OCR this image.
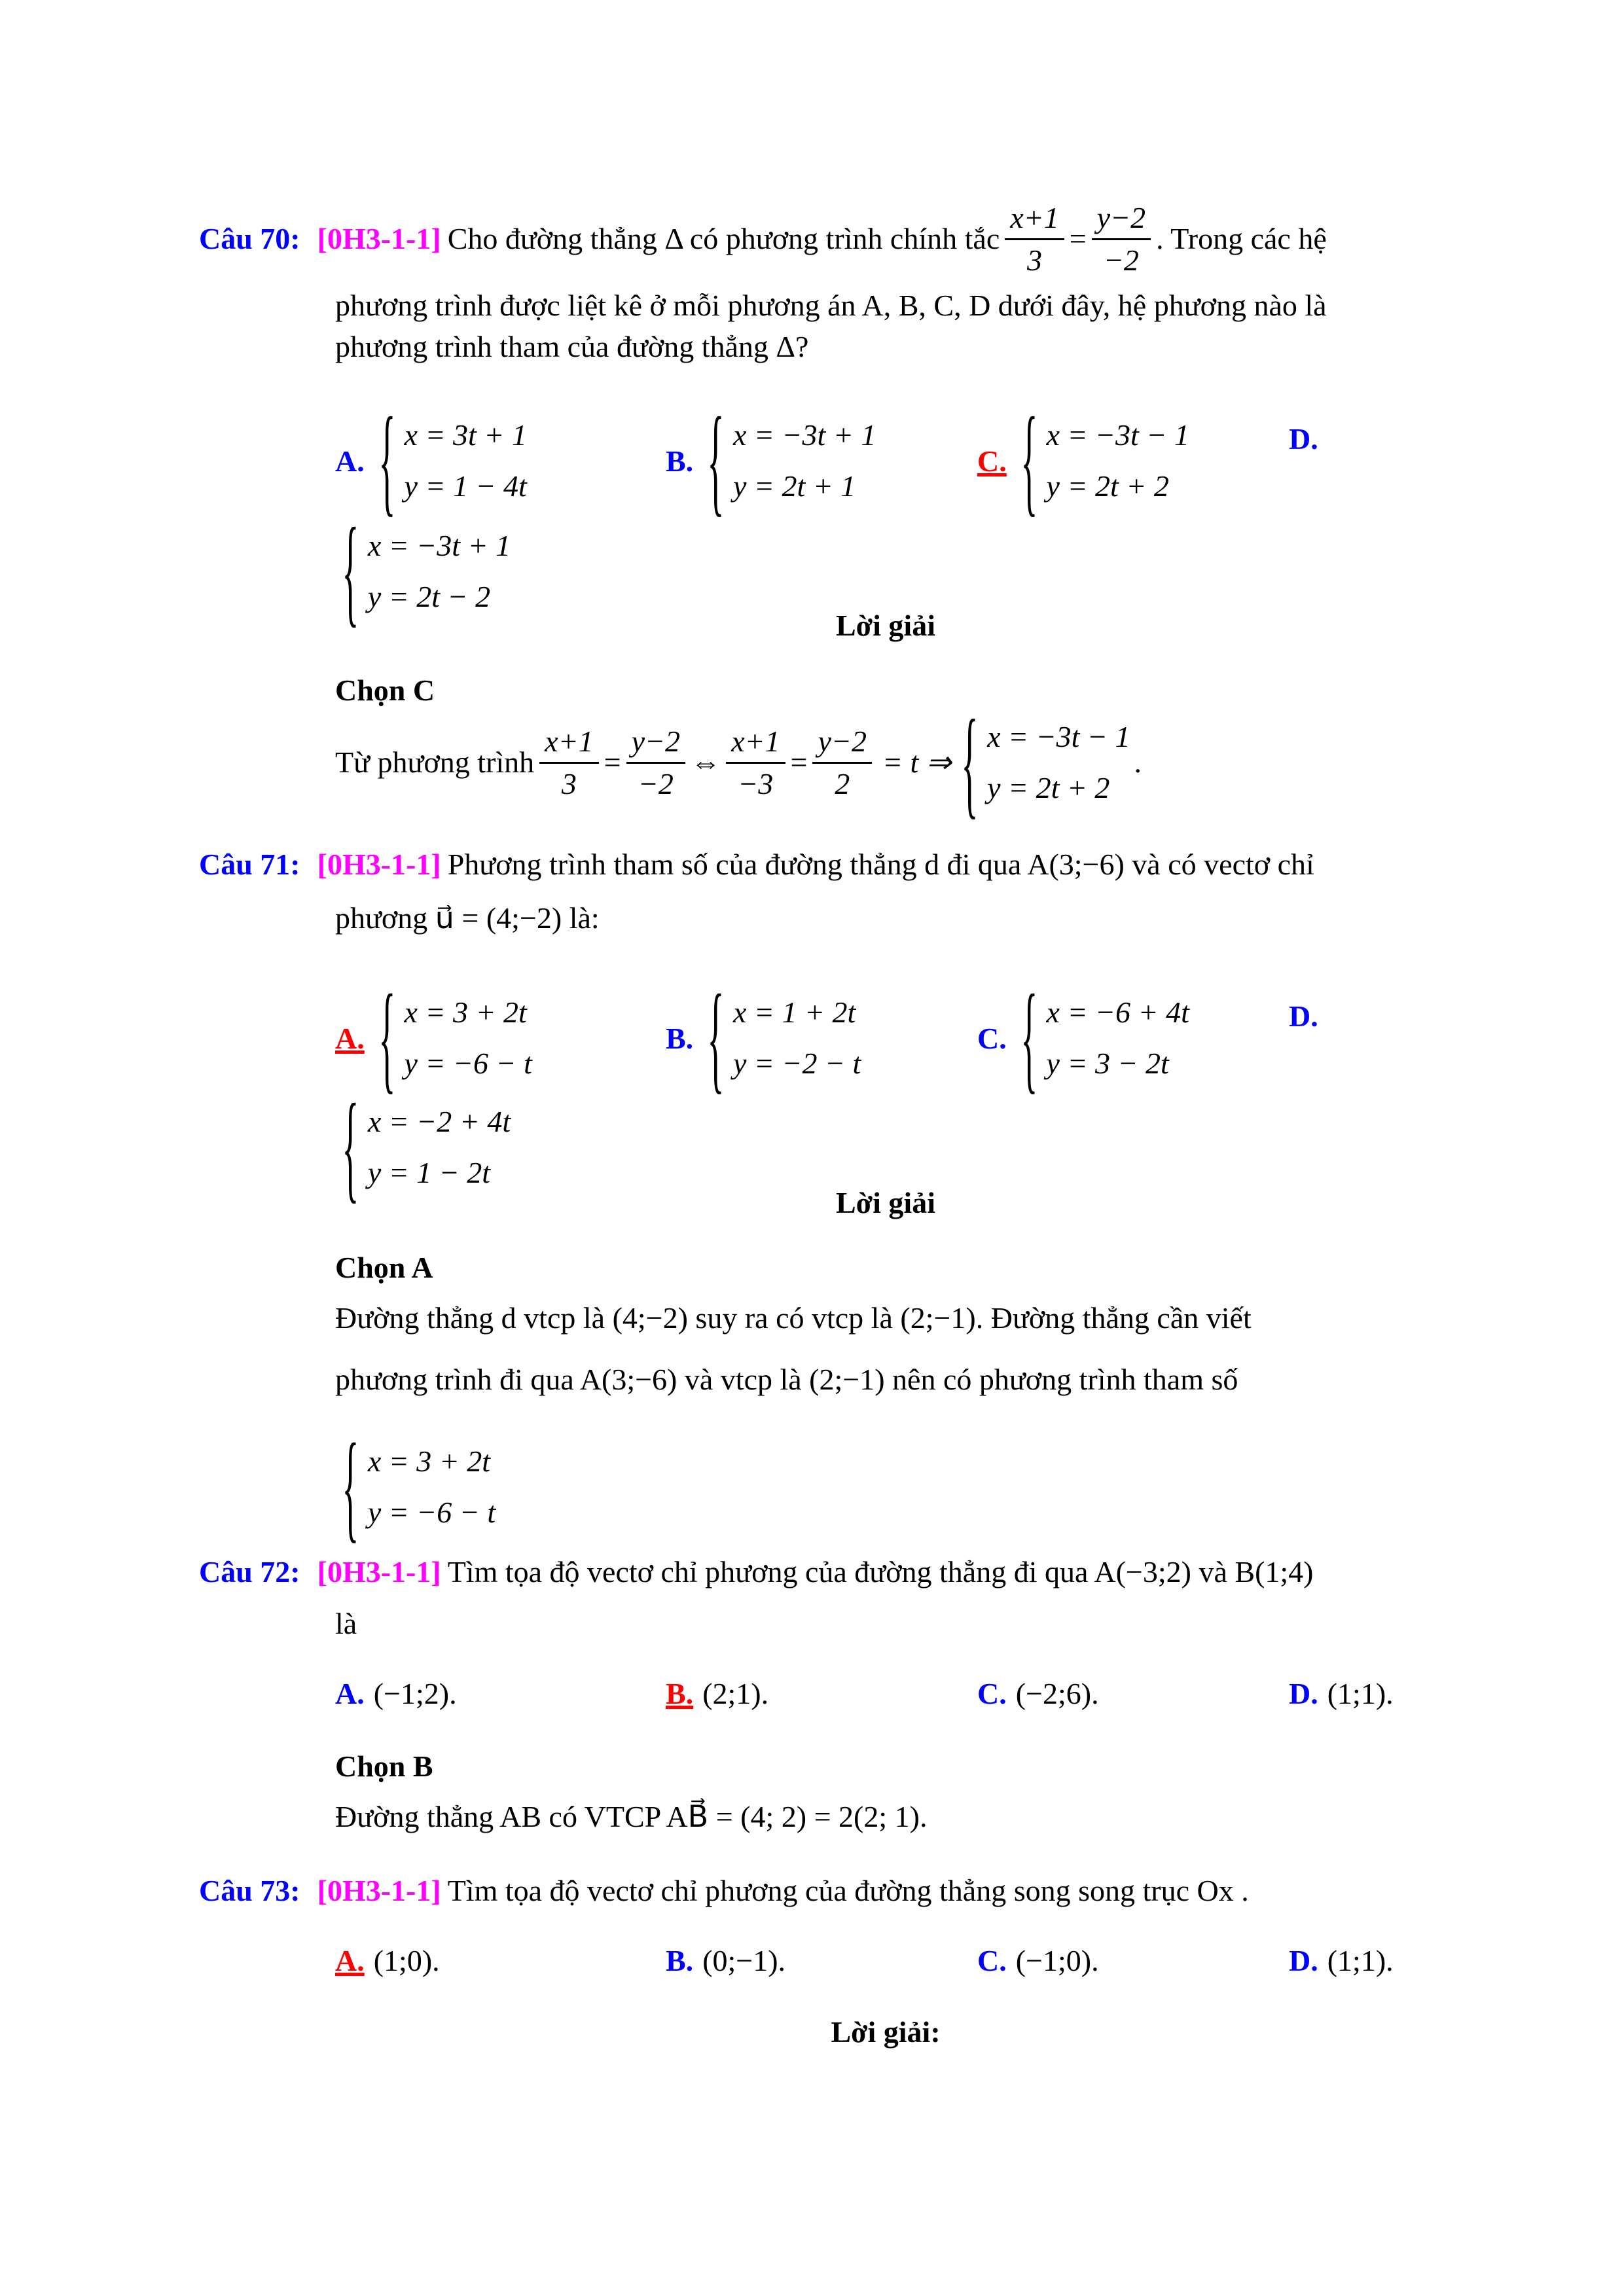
Câu 70: [0H3-1-1] Cho đường thẳng Δ có phương trình chính tắc $\frac{x+1}{3} = \frac{y-2}{-2}$ . Trong các hệ
phương trình được liệt kê ở mỗi phương án A, B, C, D dưới đây, hệ phương nào là
phương trình tham của đường thẳng Δ?
A. { x = 3t + 1
y = 1 − 4t
B. { x = −3t + 1
y = 2t + 1
C. { x = −3t − 1
y = 2t + 2
D.
{ x = −3t + 1
y = 2t − 2
Lời giải
Chọn C
Từ phương trình $\frac{x+1}{3} = \frac{y-2}{-2}$ ⇔ $\frac{x+1}{-3} = \frac{y-2}{2} = t$ ⇒ { x = −3t − 1
y = 2t + 2
.
Câu 71: [0H3-1-1] Phương trình tham số của đường thẳng d đi qua A(3;−6) và có vectơ chỉ
phương u⃗ = (4;−2) là:
A. { x = 3 + 2t
y = −6 − t
B. { x = 1 + 2t
y = −2 − t
C. { x = −6 + 4t
y = 3 − 2t
D.
{ x = −2 + 4t
y = 1 − 2t
Lời giải
Chọn A
Đường thẳng d vtcp là (4;−2) suy ra có vtcp là (2;−1). Đường thẳng cần viết
phương trình đi qua A(3;−6) và vtcp là (2;−1) nên có phương trình tham số
{ x = 3 + 2t
y = −6 − t
Câu 72: [0H3-1-1] Tìm tọa độ vectơ chỉ phương của đường thẳng đi qua A(−3;2) và B(1;4)
là
A. (−1;2).	B. (2;1).	C. (−2;6).	D. (1;1).
Chọn B
Đường thẳng AB có VTCP AB⃗ = (4; 2) = 2(2; 1).
Câu 73: [0H3-1-1] Tìm tọa độ vectơ chỉ phương của đường thẳng song song trục Ox .
A. (1;0).	B. (0;−1).	C. (−1;0).	D. (1;1).
Lời giải:
